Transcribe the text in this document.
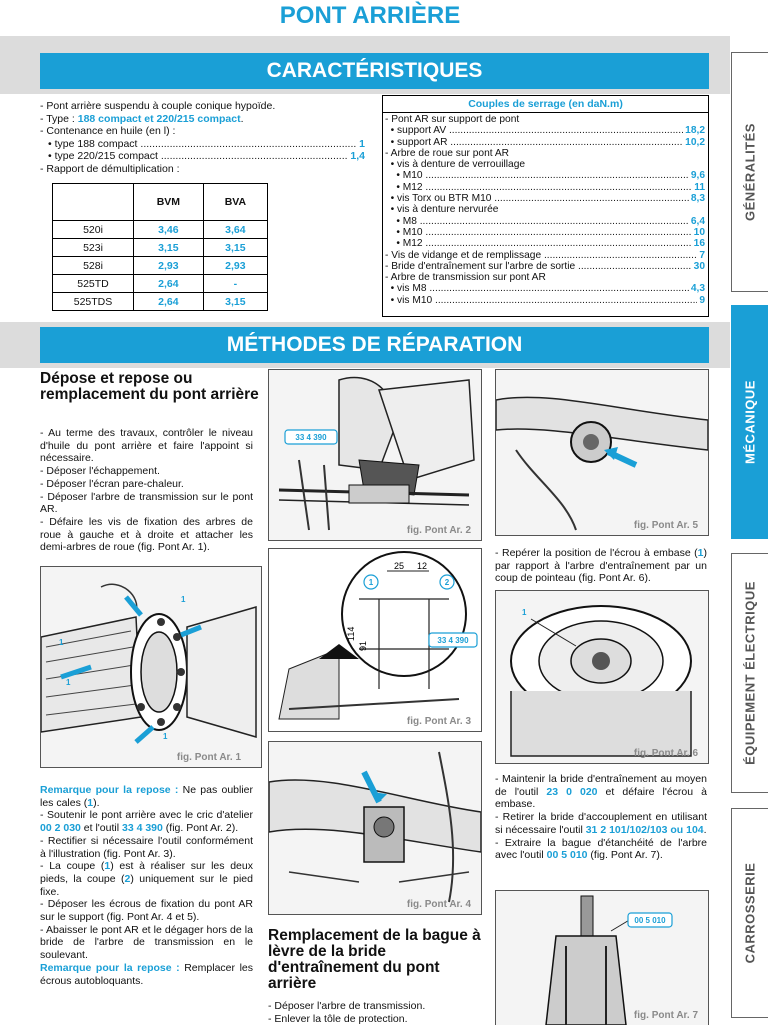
PONT ARRIÈRE
CARACTÉRISTIQUES
- Pont arrière suspendu à couple conique hypoïde.
- Type : 188 compact et 220/215 compact.
- Contenance en huile (en l) :
• type 188 compact .....	1
• type 220/215 compact .....	1,4
- Rapport de démultiplication :
	BVM	BVA
520i	3,46	3,64
523i	3,15	3,15
528i	2,93	2,93
525TD	2,64	-
525TDS	2,64	3,15
Couples de serrage (en daN.m)
- Pont AR sur support de pont
• support AV .....	18,2
• support AR .....	10,2
- Arbre de roue sur pont AR
• vis à denture de verrouillage
• M10 .....	9,6
• M12 .....	11
• vis Torx ou BTR M10 .....	8,3
• vis à denture nervurée
• M8 .....	6,4
• M10 .....	10
• M12 .....	16
- Vis de vidange et de remplissage .....	7
- Bride d'entraînement sur l'arbre de sortie .....	30
- Arbre de transmission sur pont AR
• vis M8 .....	4,3
• vis M10 .....	9
MÉTHODES DE RÉPARATION
Dépose et repose ou remplacement du pont arrière

- Au terme des travaux, contrôler le niveau d'huile du pont arrière et faire l'appoint si nécessaire.

- Déposer l'échappement.

- Déposer l'écran pare-chaleur.

- Déposer l'arbre de transmission sur le pont AR.

- Défaire les vis de fixation des arbres de roue à gauche et à droite et attacher les demi-arbres de roue (fig. Pont Ar. 1).

1
1
1
1
fig. Pont Ar. 1

Remarque pour la repose : Ne pas oublier les cales (1).

- Soutenir le pont arrière avec le cric d'atelier 00 2 030 et l'outil 33 4 390 (fig. Pont Ar. 2).

- Rectifier si nécessaire l'outil conformément à l'illustration (fig. Pont Ar. 3).

- La coupe (1) est à réaliser sur les deux pieds, la coupe (2) uniquement sur le pied fixe.

- Déposer les écrous de fixation du pont AR sur le support (fig. Pont Ar. 4 et 5).

- Abaisser le pont AR et le dégager hors de la bride de l'arbre de transmission en le soulevant.

Remarque pour la repose : Remplacer les écrous autobloquants.

33 4 390
fig. Pont Ar. 2
25 12
114
91
1	2
33 4 390
fig. Pont Ar. 3
fig. Pont Ar. 4
Remplacement de la bague à lèvre de la bride d'entraînement du pont arrière

- Déposer l'arbre de transmission.

- Enlever la tôle de protection.

fig. Pont Ar. 5

- Repérer la position de l'écrou à embase (1) par rapport à l'arbre d'entraînement par un coup de pointeau (fig. Pont Ar. 6).

1
fig. Pont Ar. 6

- Maintenir la bride d'entraînement au moyen de l'outil 23 0 020 et défaire l'écrou à embase.

- Retirer la bride d'accouplement en utilisant si nécessaire l'outil 31 2 101/102/103 ou 104.

- Extraire la bague d'étanchéité de l'arbre avec l'outil 00 5 010 (fig. Pont Ar. 7).

00 5 010
fig. Pont Ar. 7
GÉNÉRALITÉS
MÉCANIQUE
ÉQUIPEMENT ÉLECTRIQUE
CARROSSERIE
